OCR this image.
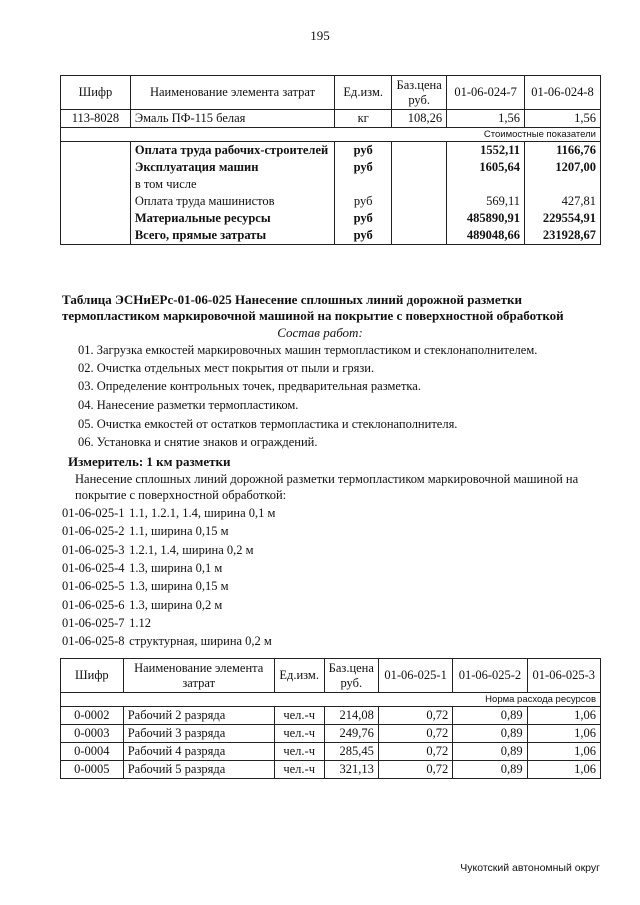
195
Шифр	Наименование элемента затрат	Ед.изм.	Баз.цена руб.	01-06-024-7	01-06-024-8
113-8028	Эмаль ПФ-115 белая	кг	108,26	1,56	1,56
Стоимостные показатели					
	Оплата труда рабочих-строителей	руб		1552,11	1166,76
	Эксплуатация машин	руб		1605,64	1207,00
	в том числе				
	Оплата труда машинистов	руб		569,11	427,81
	Материальные ресурсы	руб		485890,91	229554,91
	Всего, прямые затраты	руб		489048,66	231928,67
Таблица ЭСНиЕРс-01-06-025 Нанесение сплошных линий дорожной разметки
термопластиком маркировочной машиной на покрытие с поверхностной обработкой
Состав работ:
01. Загрузка емкостей маркировочных машин термопластиком и стеклонаполнителем.
02. Очистка отдельных мест покрытия от пыли и грязи.
03. Определение контрольных точек, предварительная разметка.
04. Нанесение разметки термопластиком.
05. Очистка емкостей от остатков термопластика и стеклонаполнителя.
06. Установка и снятие знаков и ограждений.
Измеритель: 1 км разметки
Нанесение сплошных линий дорожной разметки термопластиком маркировочной машиной на покрытие с поверхностной обработкой:
01-06-025-1 1.1, 1.2.1, 1.4, ширина 0,1 м
01-06-025-2 1.1, ширина 0,15 м
01-06-025-3 1.2.1, 1.4, ширина 0,2 м
01-06-025-4 1.3, ширина 0,1 м
01-06-025-5 1.3, ширина 0,15 м
01-06-025-6 1.3, ширина 0,2 м
01-06-025-7 1.12
01-06-025-8 структурная, ширина 0,2 м
Шифр	Наименование элемента затрат	Ед.изм.	Баз.цена руб.	01-06-025-1	01-06-025-2	01-06-025-3
Норма расхода ресурсов						
0-0002	Рабочий 2 разряда	чел.-ч	214,08	0,72	0,89	1,06
0-0003	Рабочий 3 разряда	чел.-ч	249,76	0,72	0,89	1,06
0-0004	Рабочий 4 разряда	чел.-ч	285,45	0,72	0,89	1,06
0-0005	Рабочий 5 разряда	чел.-ч	321,13	0,72	0,89	1,06
Чукотский автономный округ
